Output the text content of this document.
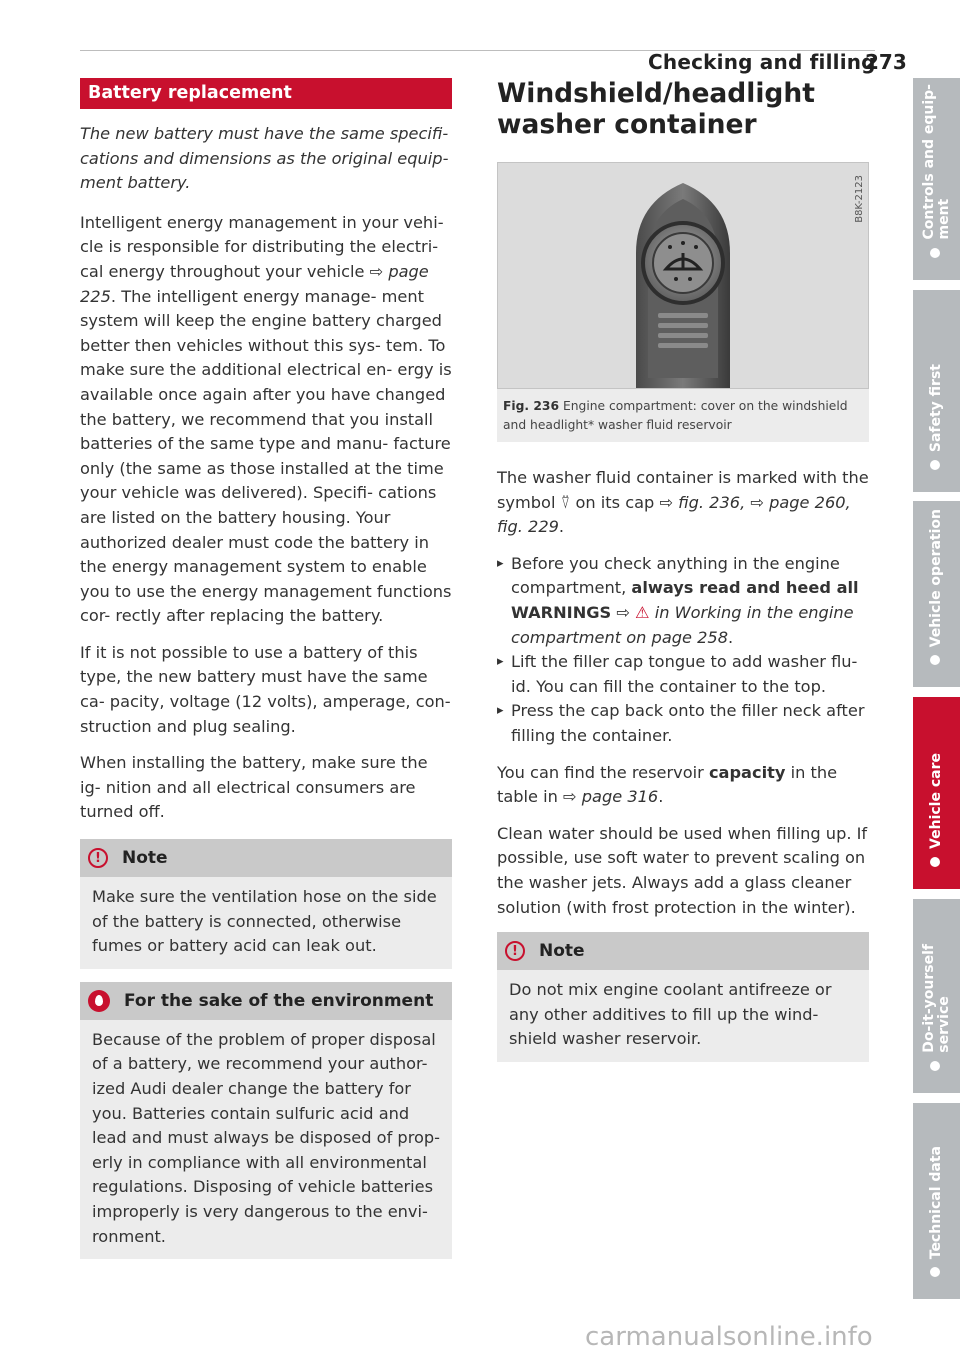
Checking and filling
273
Battery replacement

The new battery must have the same specifi- cations and dimensions as the original equip- ment battery.

Intelligent energy management in your vehi- cle is responsible for distributing the electri- cal energy throughout your vehicle ⇨ page 225. The intelligent energy manage- ment system will keep the engine battery charged better then vehicles without this sys- tem. To make sure the additional electrical en- ergy is available once again after you have changed the battery, we recommend that you install batteries of the same type and manu- facture only (the same as those installed at the time your vehicle was delivered). Specifi- cations are listed on the battery housing. Your authorized dealer must code the battery in the energy management system to enable you to use the energy management functions cor- rectly after replacing the battery.

If it is not possible to use a battery of this type, the new battery must have the same ca- pacity, voltage (12 volts), amperage, con- struction and plug sealing.

When installing the battery, make sure the ig- nition and all electrical consumers are turned off.

!	Note
Make sure the ventilation hose on the side of the battery is connected, otherwise fumes or battery acid can leak out.
For the sake of the environment
Because of the problem of proper disposal of a battery, we recommend your author- ized Audi dealer change the battery for you. Batteries contain sulfuric acid and lead and must always be disposed of prop- erly in compliance with all environmental regulations. Disposing of vehicle batteries improperly is very dangerous to the envi- ronment.
Windshield/headlight washer container
B8K-2123
Fig. 236 Engine compartment: cover on the windshield and headlight* washer fluid reservoir

The washer fluid container is marked with the symbol ⍢ on its cap ⇨ fig. 236, ⇨ page 260, fig. 229.

▸ Before you check anything in the engine compartment, always read and heed all WARNINGS ⇨ ⚠ in Working in the engine compartment on page 258.
▸ Lift the filler cap tongue to add washer flu- id. You can fill the container to the top.
▸ Press the cap back onto the filler neck after filling the container.

You can find the reservoir capacity in the table in ⇨ page 316.

Clean water should be used when filling up. If possible, use soft water to prevent scaling on the washer jets. Always add a glass cleaner solution (with frost protection in the winter).

!	Note
Do not mix engine coolant antifreeze or any other additives to fill up the wind- shield washer reservoir.
Controls and equip-
ment
Safety first
Vehicle operation
Vehicle care
Do-it-yourself
service
Technical data
carmanualsonline.info
